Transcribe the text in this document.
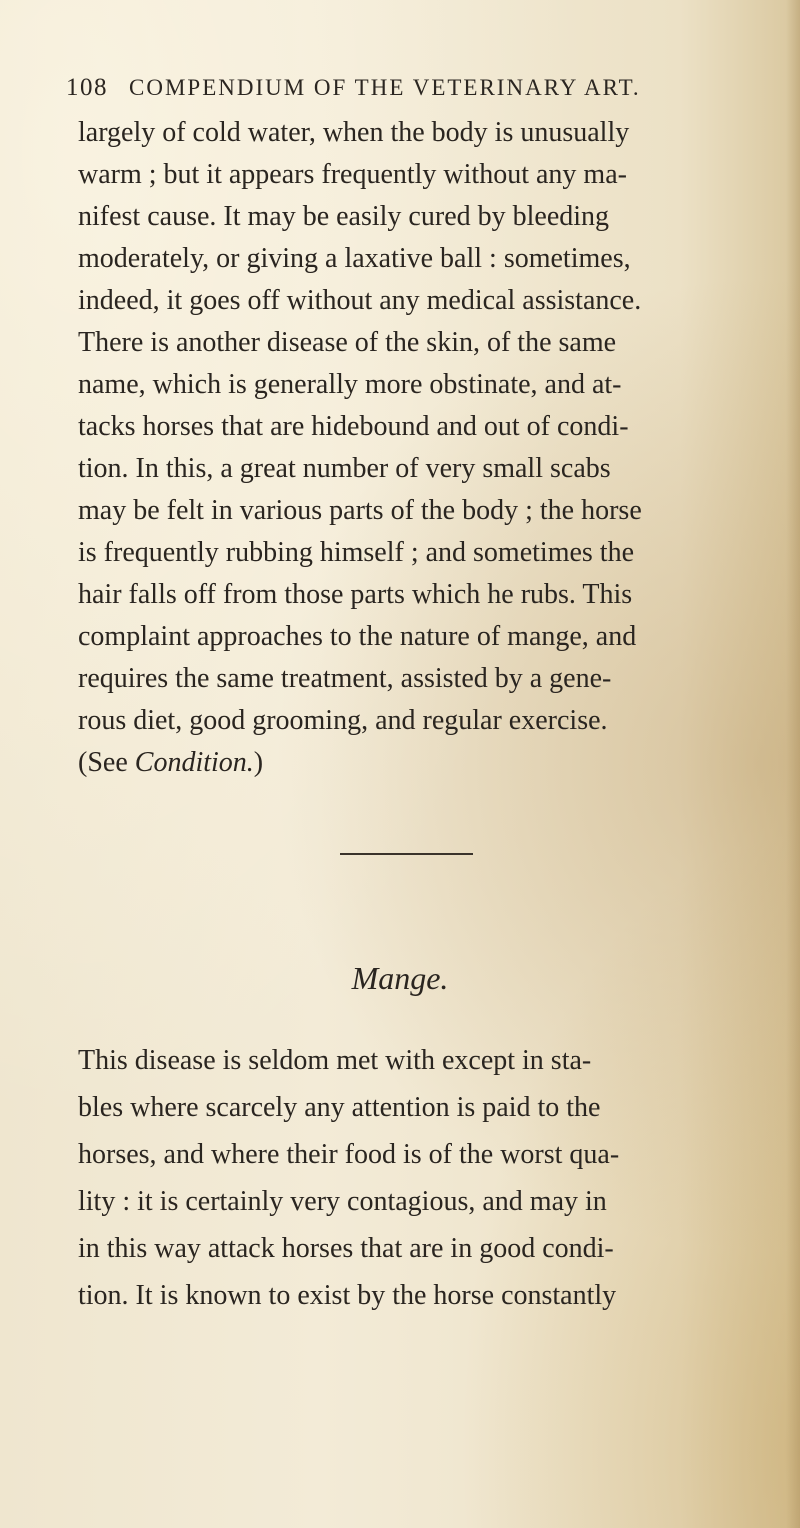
108 COMPENDIUM OF THE VETERINARY ART.
largely of cold water, when the body is unusually
warm ; but it appears frequently without any ma-
nifest cause. It may be easily cured by bleeding
moderately, or giving a laxative ball : sometimes,
indeed, it goes off without any medical assistance.
There is another disease of the skin, of the same
name, which is generally more obstinate, and at-
tacks horses that are hidebound and out of condi-
tion. In this, a great number of very small scabs
may be felt in various parts of the body ; the horse
is frequently rubbing himself ; and sometimes the
hair falls off from those parts which he rubs. This
complaint approaches to the nature of mange, and
requires the same treatment, assisted by a gene-
rous diet, good grooming, and regular exercise.
(See Condition.)
Mange.
This disease is seldom met with except in sta-
bles where scarcely any attention is paid to the
horses, and where their food is of the worst qua-
lity : it is certainly very contagious, and may in
in this way attack horses that are in good condi-
tion. It is known to exist by the horse constantly
